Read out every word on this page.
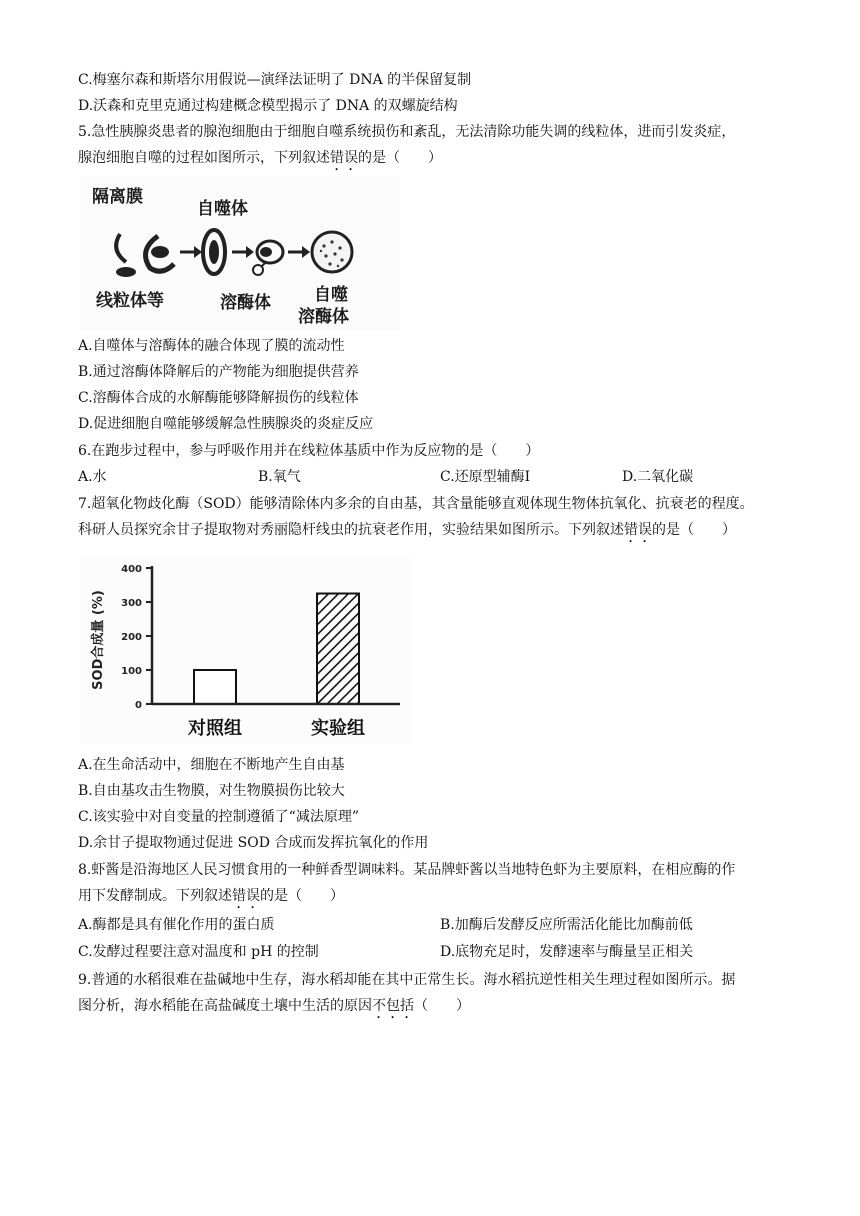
C.梅塞尔森和斯塔尔用假说—演绎法证明了 DNA 的半保留复制
D.沃森和克里克通过构建概念模型揭示了 DNA 的双螺旋结构
5.急性胰腺炎患者的腺泡细胞由于细胞自噬系统损伤和紊乱，无法清除功能失调的线粒体，进而引发炎症，
腺泡细胞自噬的过程如图所示，下列叙述错误的是（　　）
隔离膜
自噬体
线粒体等	溶酶体	自噬
溶酶体
A.自噬体与溶酶体的融合体现了膜的流动性
B.通过溶酶体降解后的产物能为细胞提供营养
C.溶酶体合成的水解酶能够降解损伤的线粒体
D.促进细胞自噬能够缓解急性胰腺炎的炎症反应
6.在跑步过程中，参与呼吸作用并在线粒体基质中作为反应物的是（　　）
A.水	B.氧气	C.还原型辅酶Ⅰ	D.二氧化碳
7.超氧化物歧化酶（SOD）能够清除体内多余的自由基，其含量能够直观体现生物体抗氧化、抗衰老的程度。
科研人员探究余甘子提取物对秀丽隐杆线虫的抗衰老作用，实验结果如图所示。下列叙述错误的是（　　）
SOD合成量 (%)
0
100
200
300
400
对照组	实验组
A.在生命活动中，细胞在不断地产生自由基
B.自由基攻击生物膜，对生物膜损伤比较大
C.该实验中对自变量的控制遵循了“减法原理”
D.余甘子提取物通过促进 SOD 合成而发挥抗氧化的作用
8.虾酱是沿海地区人民习惯食用的一种鲜香型调味料。某品牌虾酱以当地特色虾为主要原料，在相应酶的作
用下发酵制成。下列叙述错误的是（　　）
A.酶都是具有催化作用的蛋白质	B.加酶后发酵反应所需活化能比加酶前低
C.发酵过程要注意对温度和 pH 的控制	D.底物充足时，发酵速率与酶量呈正相关
9.普通的水稻很难在盐碱地中生存，海水稻却能在其中正常生长。海水稻抗逆性相关生理过程如图所示。据
图分析，海水稻能在高盐碱度土壤中生活的原因不包括（　　）
